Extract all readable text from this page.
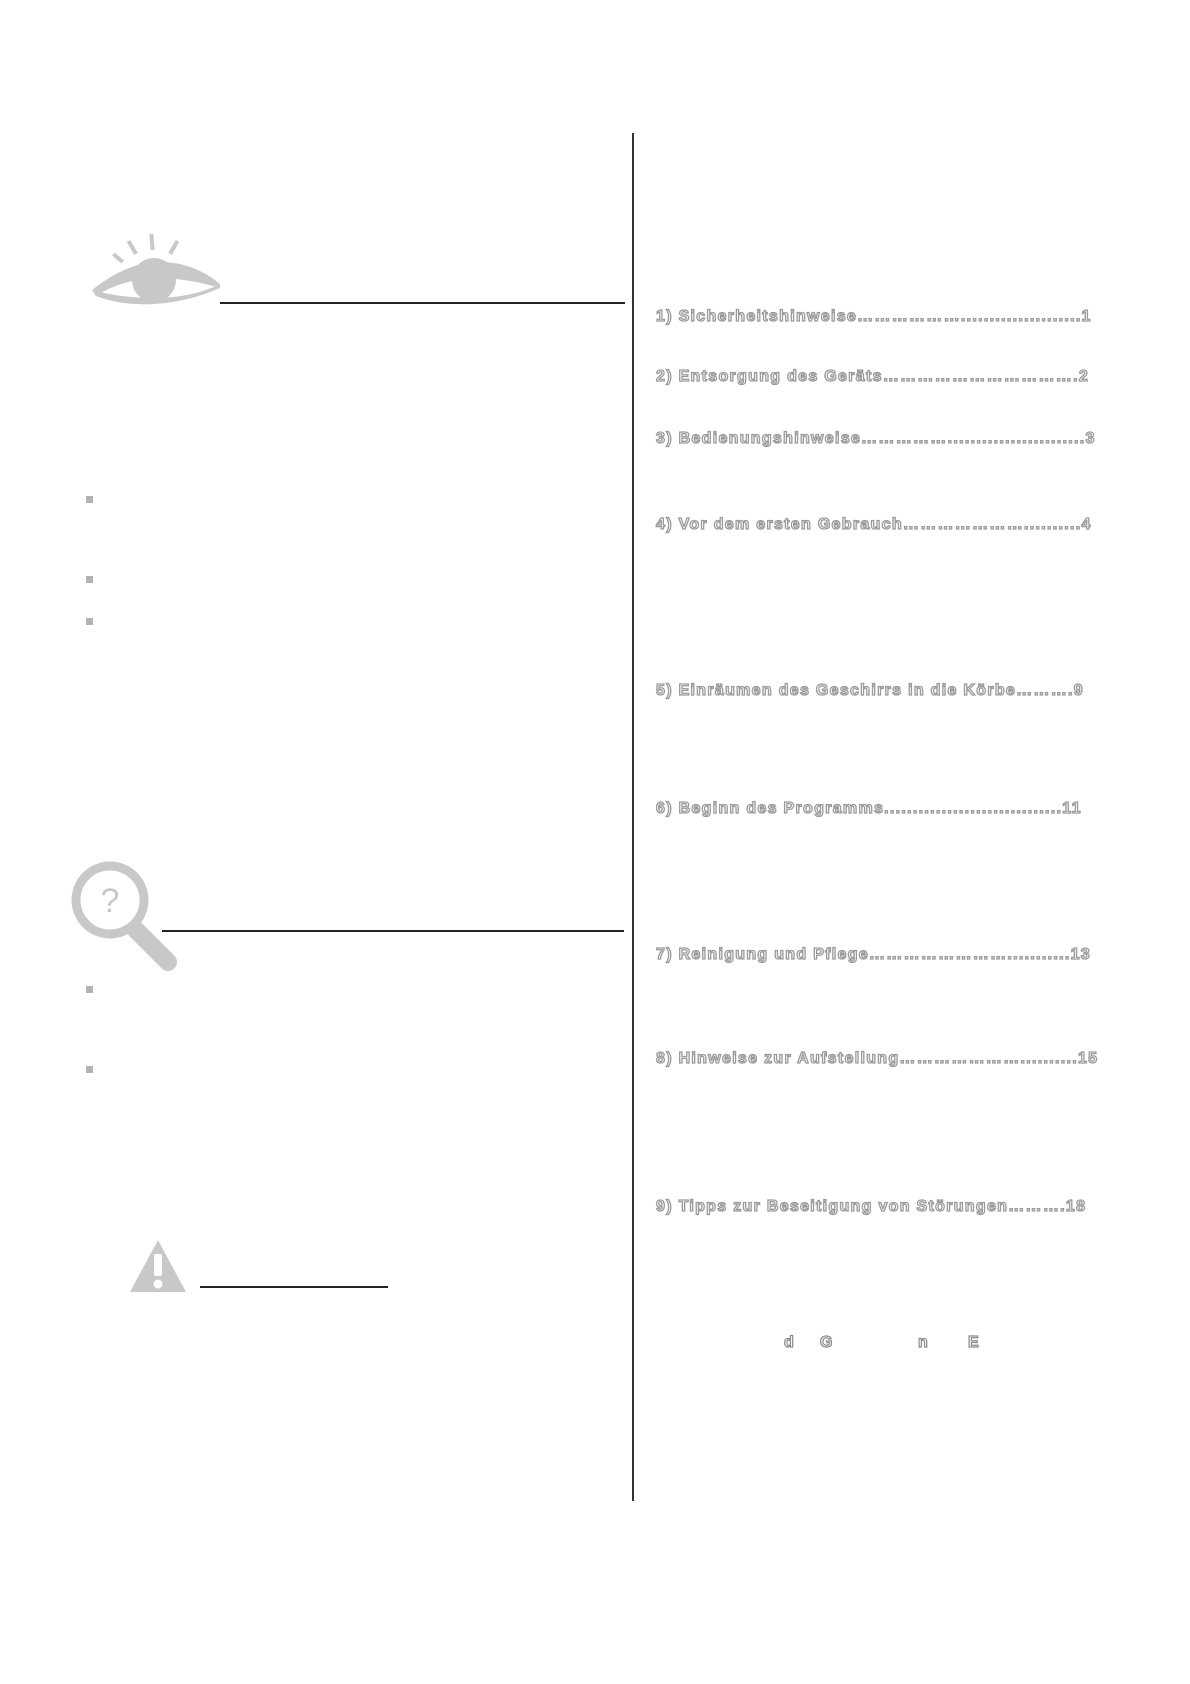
?
1) Sicherheitshinweise……………….....................1
2) Entsorgung des Geräts…………………………….2
3) Bedienungshinweise……………........................3
4) Vor dem ersten Gebrauch…………………..........4
5) Einräumen des Geschirrs in die Körbe……….9
6) Beginn des Programms...............................11
7) Reinigung und Pflege……………………...........13
8) Hinweise zur Aufstellung…………………..........15
9) Tipps zur Beseitigung von Störungen……….18
d G	n	E
